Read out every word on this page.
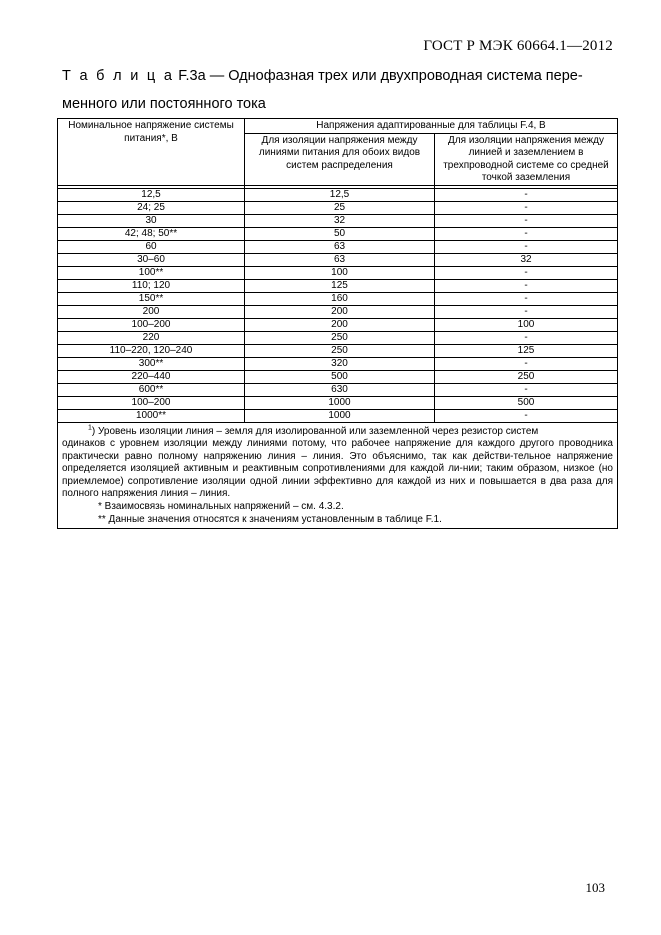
ГОСТ Р МЭК 60664.1—2012
Т а б л и ц а F.3a — Однофазная трех или двухпроводная система пере-менного или постоянного тока
Номинальное напряжение системы питания*, В	Напряжения адаптированные для таблицы F.4, В	
	Для изоляции напряжения между линиями питания для обоих видов систем распределения	Для изоляции напряжения между линией и заземлением в трехпроводной системе со средней точкой заземления

12,5	12,5	-
24; 25	25	-
30	32	-
42; 48; 50**	50	-
60	63	-
30–60	63	32
100**	100	-
110; 120	125	-
150**	160	-
200	200	-
100–200	200	100
220	250	-
110–220, 120–240	250	125
300**	320	-
220–440	500	250
600**	630	-
100–200	1000	500
1000**	1000	-

$^1$) Уровень изоляции линия – земля для изолированной или заземленной через резистор систем

одинаков с уровнем изоляции между линиями потому, что рабочее напряжение для каждого другого проводника практически равно полному напряжению линия – линия. Это объяснимо, так как действи-тельное напряжение определяется изоляцией активным и реактивным сопротивлениями для каждой ли-нии; таким образом, низкое (но приемлемое) сопротивление изоляции одной линии эффективно для каждой из них и повышается в два раза для полного напряжения линия – линия.

* Взаимосвязь номинальных напряжений – см. 4.3.2.

** Данные значения относятся к значениям установленным в таблице F.1.		

103
